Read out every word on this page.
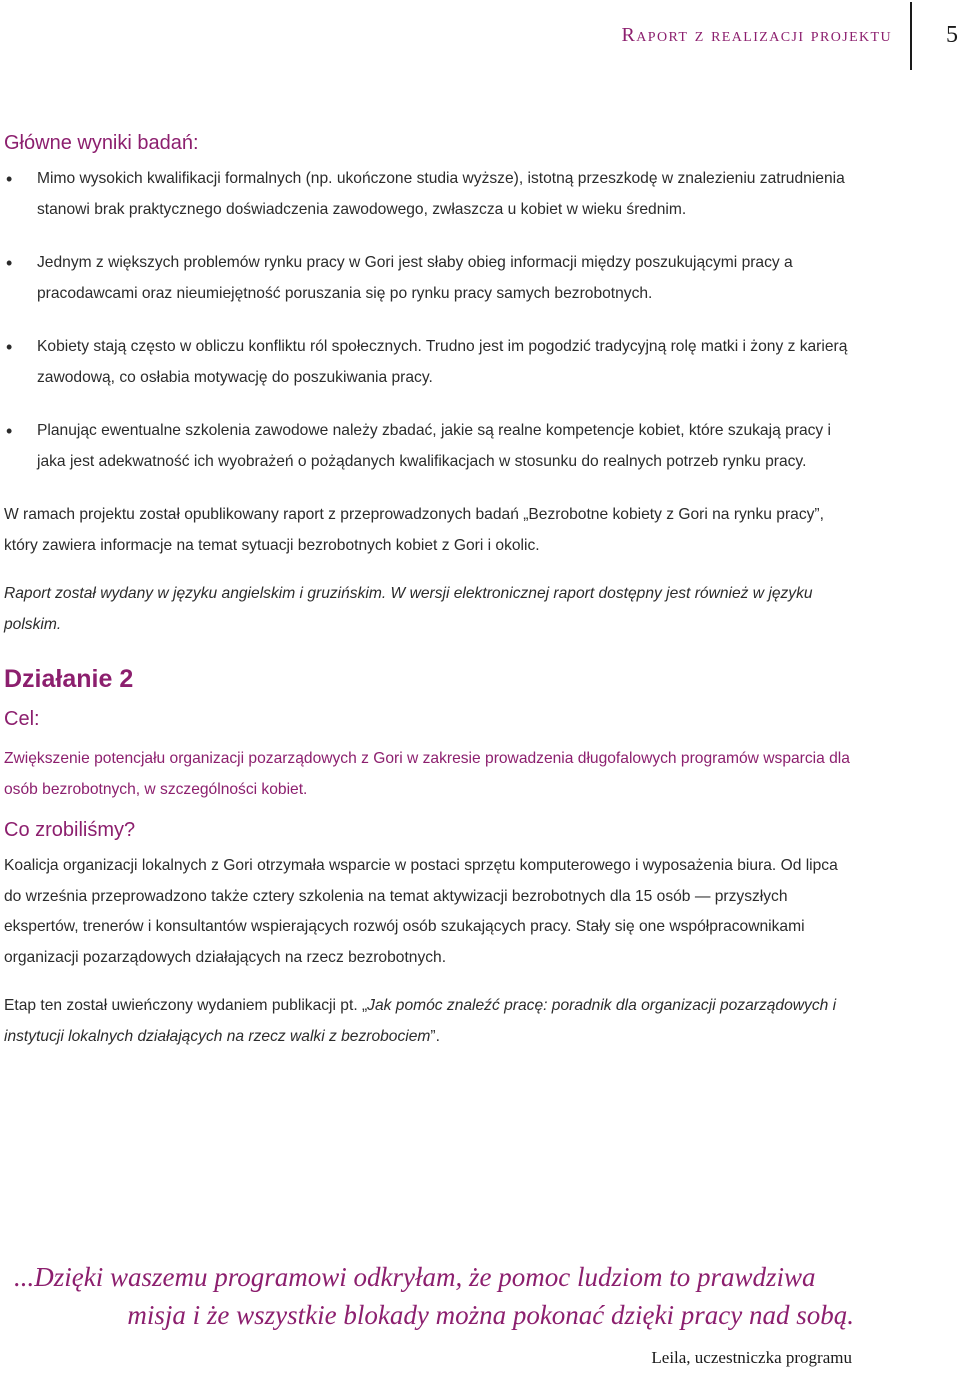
Raport z realizacji projektu 5
Główne wyniki badań:
• Mimo wysokich kwalifikacji formalnych (np. ukończone studia wyższe), istotną przeszkodę w znalezieniu zatrudnienia stanowi brak praktycznego doświadczenia zawodowego, zwłaszcza u kobiet w wieku średnim.
• Jednym z większych problemów rynku pracy w Gori jest słaby obieg informacji między poszukującymi pracy a pracodawcami oraz nieumiejętność poruszania się po rynku pracy samych bezrobotnych.
• Kobiety stają często w obliczu konfliktu ról społecznych. Trudno jest im pogodzić tradycyjną rolę matki i żony z karierą zawodową, co osłabia motywację do poszukiwania pracy.
• Planując ewentualne szkolenia zawodowe należy zbadać, jakie są realne kompetencje kobiet, które szukają pracy i jaka jest adekwatność ich wyobrażeń o pożądanych kwalifikacjach w stosunku do realnych potrzeb rynku pracy.

W ramach projektu został opublikowany raport z przeprowadzonych badań „Bezrobotne kobiety z Gori na rynku pracy”, który zawiera informacje na temat sytuacji bezrobotnych kobiet z Gori i okolic.

Raport został wydany w języku angielskim i gruzińskim. W wersji elektronicznej raport dostępny jest również w języku polskim.

Działanie 2
Cel:

Zwiększenie potencjału organizacji pozarządowych z Gori w zakresie prowadzenia długofalowych programów wsparcia dla osób bezrobotnych, w szczególności kobiet.

Co zrobiliśmy?

Koalicja organizacji lokalnych z Gori otrzymała wsparcie w postaci sprzętu komputerowego i wyposażenia biura. Od lipca do września przeprowadzono także cztery szkolenia na temat aktywizacji bezrobotnych dla 15 osób — przyszłych ekspertów, trenerów i konsultantów wspierających rozwój osób szukających pracy. Stały się one współpracownikami organizacji pozarządowych działających na rzecz bezrobotnych.

Etap ten został uwieńczony wydaniem publikacji pt. „Jak pomóc znaleźć pracę: poradnik dla organizacji pozarządowych i instytucji lokalnych działających na rzecz walki z bezrobociem”.

...Dzięki waszemu programowi odkryłam, że pomoc ludziom to prawdziwa
misja i że wszystkie blokady można pokonać dzięki pracy nad sobą.
Leila, uczestniczka programu
